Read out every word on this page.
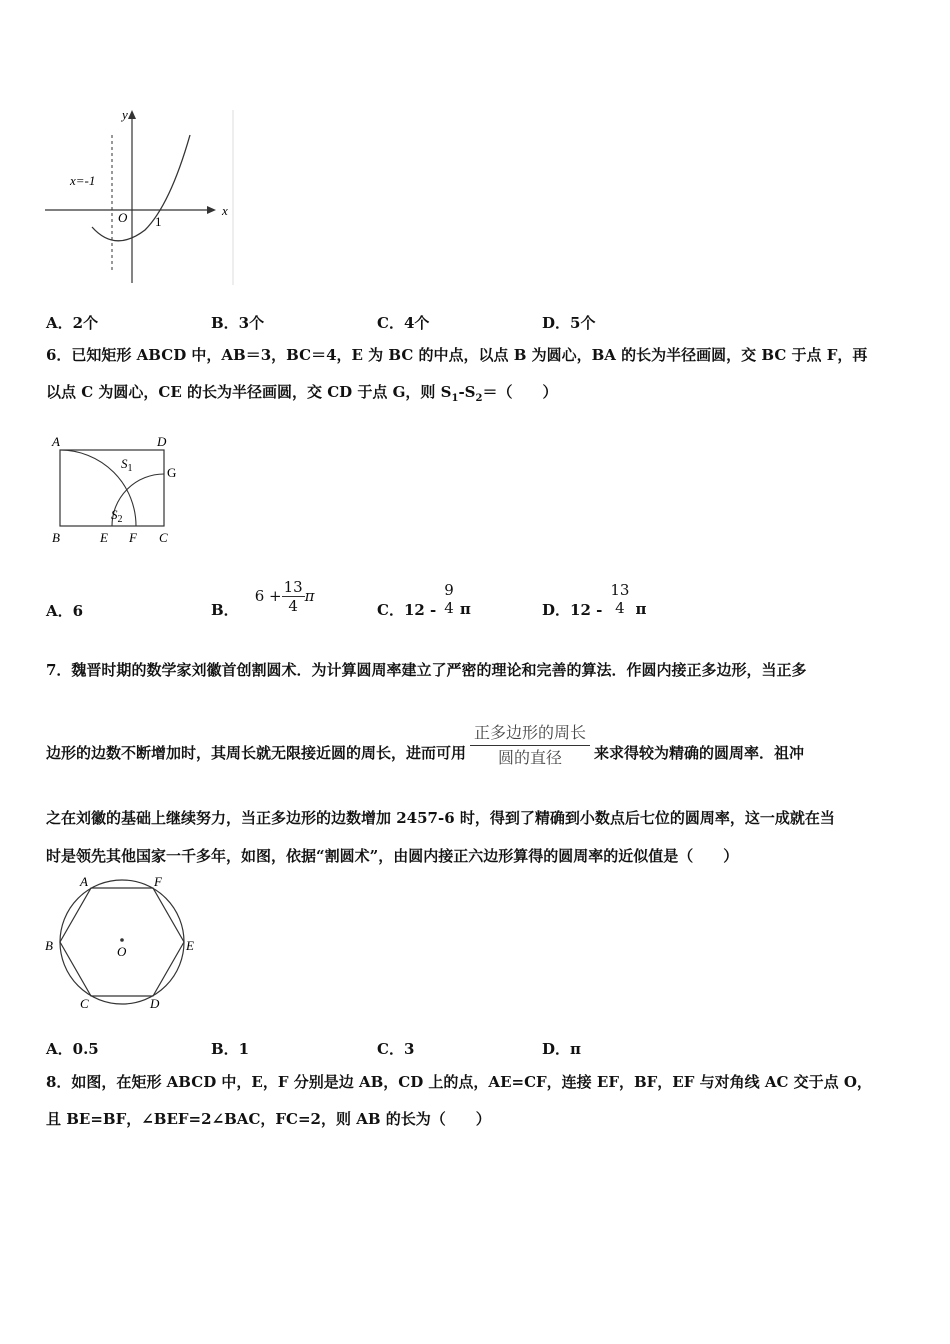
y
x
O 1
x=-1
A．2个	B．3个	C．4个	D．5个
6．已知矩形 ABCD 中，AB＝3，BC＝4，E 为 BC 的中点，以点 B 为圆心，BA 的长为半径画圆，交 BC 于点 F，再
以点 C 为圆心，CE 的长为半径画圆，交 CD 于点 G，则 $S_1-S_2=$（　　）
A	D
G
B	E F C
$S_1$
$S_2$
A．6	B．
$6 + \frac{13}{4}$ π
C．12 -
9
4 π	D．12 -
13
4 π
7．魏晋时期的数学家刘徽首创割圆术．为计算圆周率建立了严密的理论和完善的算法．作圆内接正多边形，当正多
边形的边数不断增加时，其周长就无限接近圆的周长，进而可用 $\frac{\text{正多边形的周长}}{\text{圆的直径}}$ 来求得较为精确的圆周率．祖冲
之在刘徽的基础上继续努力，当正多边形的边数增加 2457-6 时，得到了精确到小数点后七位的圆周率，这一成就在当
时是领先其他国家一千多年，如图，依据“割圆术”，由圆内接正六边形算得的圆周率的近似值是（　　）
A	F
B	E
O
C	D
A．0.5	B．1	C．3	D．π
8．如图，在矩形 ABCD 中，E，F 分别是边 AB，CD 上的点，AE=CF，连接 EF，BF，EF 与对角线 AC 交于点 O，
且 BE=BF，∠BEF=2∠BAC，FC=2，则 AB 的长为（　　）
